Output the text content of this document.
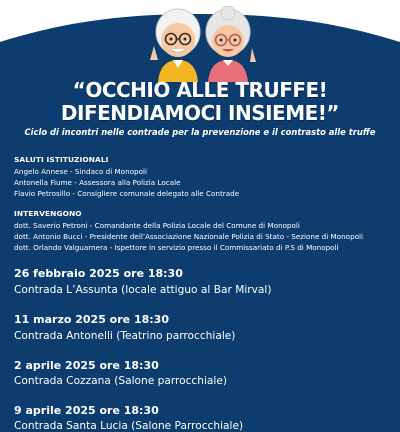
“OCCHIO ALLE TRUFFE!
DIFENDIAMOCI INSIEME!”
Ciclo di incontri nelle contrade per la prevenzione e il contrasto alle truffe
SALUTI ISTITUZIONALI
Angelo Annese - Sindaco di Monopoli
Antonella Fiume - Assessora alla Polizia Locale
Flavio Petrosillo - Consigliere comunale delegato alle Contrade
INTERVENGONO
dott. Saverio Petroni - Comandante della Polizia Locale del Comune di Monopoli
dott. Antonio Bucci - Presidente dell’Associazione Nazionale Polizia di Stato - Sezione di Monopoli
dott. Orlando Valguarnera - Ispettore in servizio presso il Commissariato di P.S di Monopoli
26 febbraio 2025 ore 18:30
Contrada L’Assunta (locale attiguo al Bar Mirval)
11 marzo 2025 ore 18:30
Contrada Antonelli (Teatrino parrocchiale)
2 aprile 2025 ore 18:30
Contrada Cozzana (Salone parrocchiale)
9 aprile 2025 ore 18:30
Contrada Santa Lucia (Salone Parrocchiale)
